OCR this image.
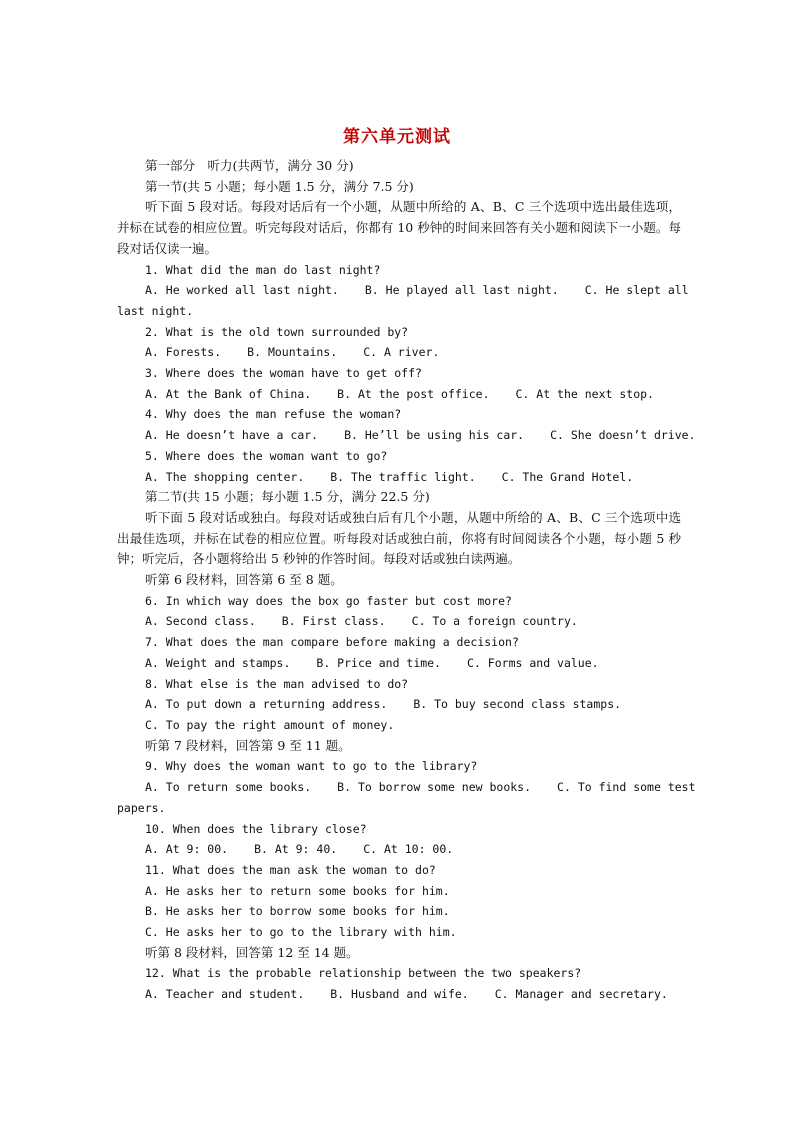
第六单元测试
第一部分　听力(共两节，满分 30 分)
第一节(共 5 小题；每小题 1.5 分，满分 7.5 分)
听下面 5 段对话。每段对话后有一个小题，从题中所给的 A、B、C 三个选项中选出最佳选项，并标在试卷的相应位置。听完每段对话后，你都有 10 秒钟的时间来回答有关小题和阅读下一小题。每段对话仅读一遍。
1. What did the man do last night?
A. He worked all last night. B. He played all last night. C. He slept all
last night.
2. What is the old town surrounded by?
A. Forests. B. Mountains. C. A river.
3. Where does the woman have to get off?
A. At the Bank of China. B. At the post office. C. At the next stop.
4. Why does the man refuse the woman?
A. He doesn’t have a car. B. He’ll be using his car. C. She doesn’t drive.
5. Where does the woman want to go?
A. The shopping center. B. The traffic light. C. The Grand Hotel.
第二节(共 15 小题；每小题 1.5 分，满分 22.5 分)
听下面 5 段对话或独白。每段对话或独白后有几个小题，从题中所给的 A、B、C 三个选项中选出最佳选项，并标在试卷的相应位置。听每段对话或独白前，你将有时间阅读各个小题，每小题 5 秒钟；听完后，各小题将给出 5 秒钟的作答时间。每段对话或独白读两遍。
听第 6 段材料，回答第 6 至 8 题。
6. In which way does the box go faster but cost more?
A. Second class. B. First class. C. To a foreign country.
7. What does the man compare before making a decision?
A. Weight and stamps. B. Price and time. C. Forms and value.
8. What else is the man advised to do?
A. To put down a returning address. B. To buy second class stamps.
C. To pay the right amount of money.
听第 7 段材料，回答第 9 至 11 题。
9. Why does the woman want to go to the library?
A. To return some books. B. To borrow some new books. C. To find some test
papers.
10. When does the library close?
A. At 9: 00. B. At 9: 40. C. At 10: 00.
11. What does the man ask the woman to do?
A. He asks her to return some books for him.
B. He asks her to borrow some books for him.
C. He asks her to go to the library with him.
听第 8 段材料，回答第 12 至 14 题。
12. What is the probable relationship between the two speakers?
A. Teacher and student. B. Husband and wife. C. Manager and secretary.
